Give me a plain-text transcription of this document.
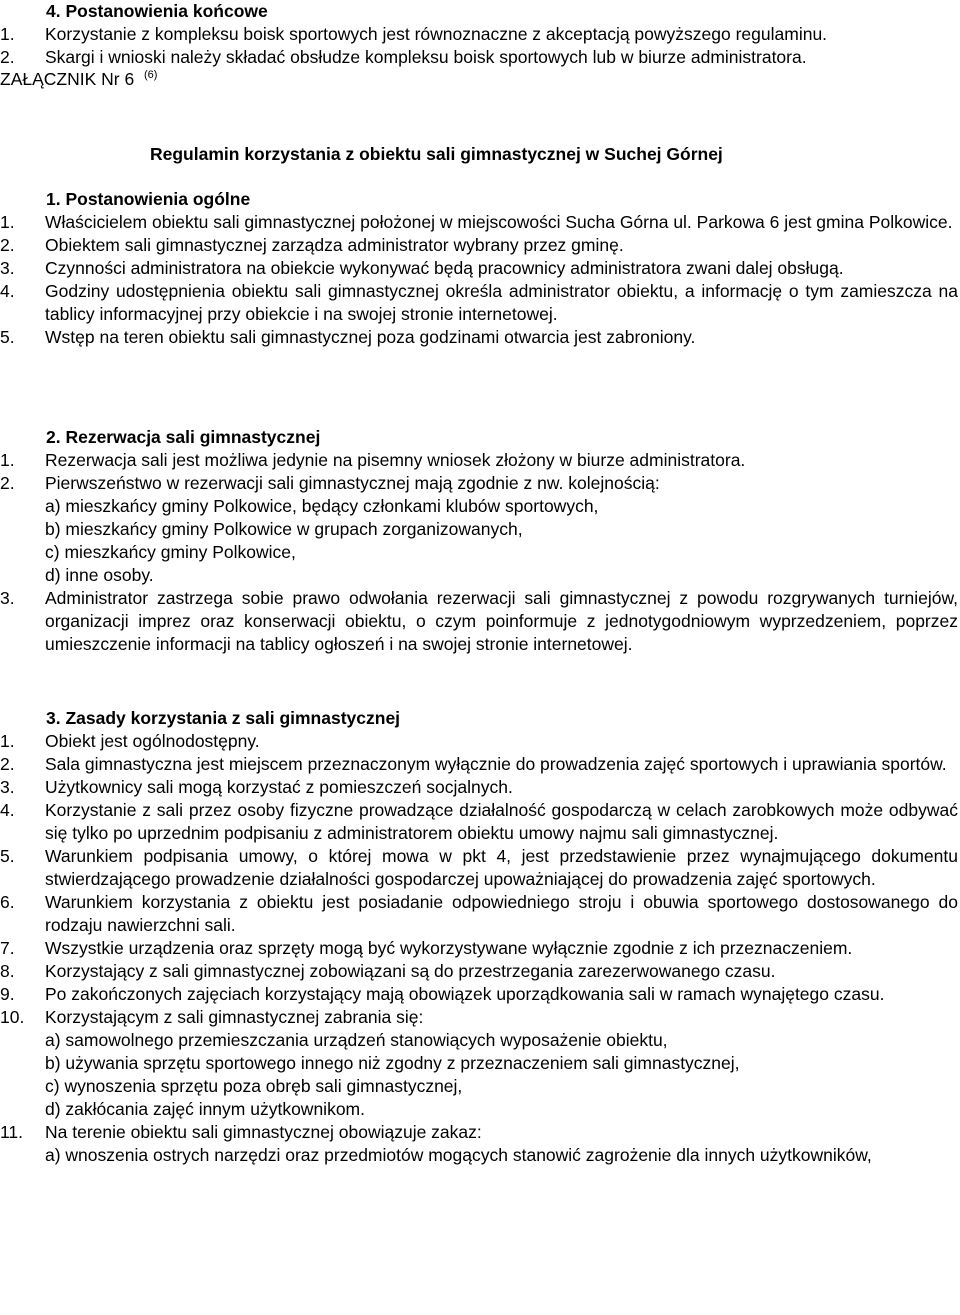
4. Postanowienia końcowe
1.	Korzystanie z kompleksu boisk sportowych jest równoznaczne z akceptacją powyższego regulaminu.
2.	Skargi i wnioski należy składać obsłudze kompleksu boisk sportowych lub w biurze administratora.
ZAŁĄCZNIK Nr 6 $^{(6)}$
Regulamin korzystania z obiektu sali gimnastycznej w Suchej Górnej
1. Postanowienia ogólne
1.	Właścicielem obiektu sali gimnastycznej położonej w miejscowości Sucha Górna ul. Parkowa 6 jest gmina Polkowice.
2.	Obiektem sali gimnastycznej zarządza administrator wybrany przez gminę.
3.	Czynności administratora na obiekcie wykonywać będą pracownicy administratora zwani dalej obsługą.
4.	Godziny udostępnienia obiektu sali gimnastycznej określa administrator obiektu, a informację o tym zamieszcza na tablicy informacyjnej przy obiekcie i na swojej stronie internetowej.
5.	Wstęp na teren obiektu sali gimnastycznej poza godzinami otwarcia jest zabroniony.
2. Rezerwacja sali gimnastycznej
1.	Rezerwacja sali jest możliwa jedynie na pisemny wniosek złożony w biurze administratora.
2.	Pierwszeństwo w rezerwacji sali gimnastycznej mają zgodnie z nw. kolejnością:
a) mieszkańcy gminy Polkowice, będący członkami klubów sportowych,
b) mieszkańcy gminy Polkowice w grupach zorganizowanych,
c) mieszkańcy gminy Polkowice,
d) inne osoby.
3.	Administrator zastrzega sobie prawo odwołania rezerwacji sali gimnastycznej z powodu rozgrywanych turniejów, organizacji imprez oraz konserwacji obiektu, o czym poinformuje z jednotygodniowym wyprzedzeniem, poprzez umieszczenie informacji na tablicy ogłoszeń i na swojej stronie internetowej.
3. Zasady korzystania z sali gimnastycznej
1.	Obiekt jest ogólnodostępny.
2.	Sala gimnastyczna jest miejscem przeznaczonym wyłącznie do prowadzenia zajęć sportowych i uprawiania sportów.
3.	Użytkownicy sali mogą korzystać z pomieszczeń socjalnych.
4.	Korzystanie z sali przez osoby fizyczne prowadzące działalność gospodarczą w celach zarobkowych może odbywać się tylko po uprzednim podpisaniu z administratorem obiektu umowy najmu sali gimnastycznej.
5.	Warunkiem podpisania umowy, o której mowa w pkt 4, jest przedstawienie przez wynajmującego dokumentu stwierdzającego prowadzenie działalności gospodarczej upoważniającej do prowadzenia zajęć sportowych.
6.	Warunkiem korzystania z obiektu jest posiadanie odpowiedniego stroju i obuwia sportowego dostosowanego do rodzaju nawierzchni sali.
7.	Wszystkie urządzenia oraz sprzęty mogą być wykorzystywane wyłącznie zgodnie z ich przeznaczeniem.
8.	Korzystający z sali gimnastycznej zobowiązani są do przestrzegania zarezerwowanego czasu.
9.	Po zakończonych zajęciach korzystający mają obowiązek uporządkowania sali w ramach wynajętego czasu.
10.	Korzystającym z sali gimnastycznej zabrania się:
a) samowolnego przemieszczania urządzeń stanowiących wyposażenie obiektu,
b) używania sprzętu sportowego innego niż zgodny z przeznaczeniem sali gimnastycznej,
c) wynoszenia sprzętu poza obręb sali gimnastycznej,
d) zakłócania zajęć innym użytkownikom.
11.	Na terenie obiektu sali gimnastycznej obowiązuje zakaz:
a) wnoszenia ostrych narzędzi oraz przedmiotów mogących stanowić zagrożenie dla innych użytkowników,
